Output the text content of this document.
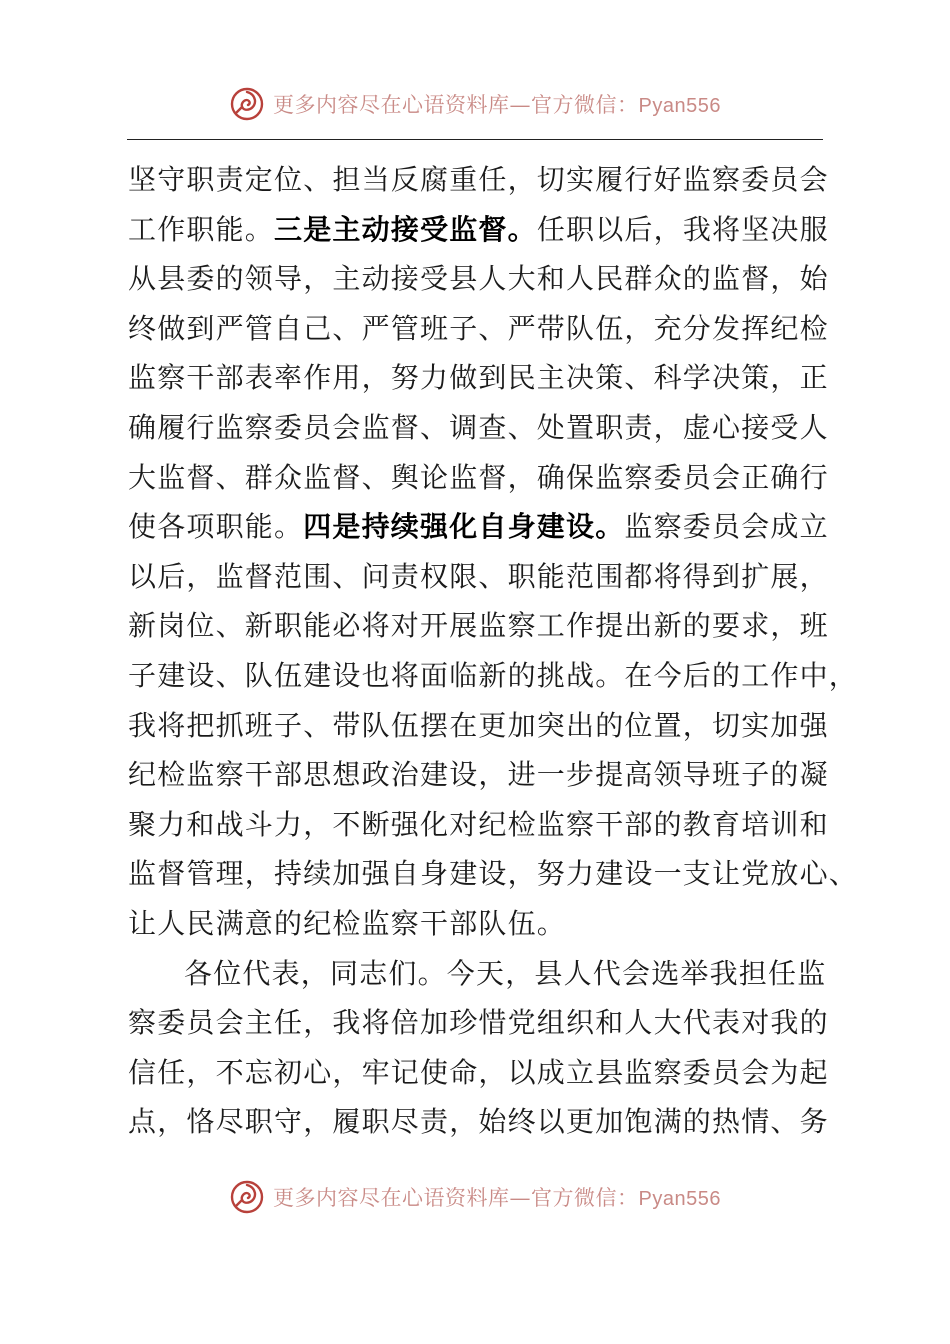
更多内容尽在心语资料库—官方微信：Pyan556
坚守职责定位、担当反腐重任，切实履行好监察委员会
工作职能。三是主动接受监督。任职以后，我将坚决服
从县委的领导，主动接受县人大和人民群众的监督，始
终做到严管自己、严管班子、严带队伍，充分发挥纪检
监察干部表率作用，努力做到民主决策、科学决策，正
确履行监察委员会监督、调查、处置职责，虚心接受人
大监督、群众监督、舆论监督，确保监察委员会正确行
使各项职能。四是持续强化自身建设。监察委员会成立
以后，监督范围、问责权限、职能范围都将得到扩展，
新岗位、新职能必将对开展监察工作提出新的要求，班
子建设、队伍建设也将面临新的挑战。在今后的工作中，
我将把抓班子、带队伍摆在更加突出的位置，切实加强
纪检监察干部思想政治建设，进一步提高领导班子的凝
聚力和战斗力，不断强化对纪检监察干部的教育培训和
监督管理，持续加强自身建设，努力建设一支让党放心、
让人民满意的纪检监察干部队伍。
各位代表，同志们。今天，县人代会选举我担任监
察委员会主任，我将倍加珍惜党组织和人大代表对我的
信任，不忘初心，牢记使命，以成立县监察委员会为起
点，恪尽职守，履职尽责，始终以更加饱满的热情、务
更多内容尽在心语资料库—官方微信：Pyan556
